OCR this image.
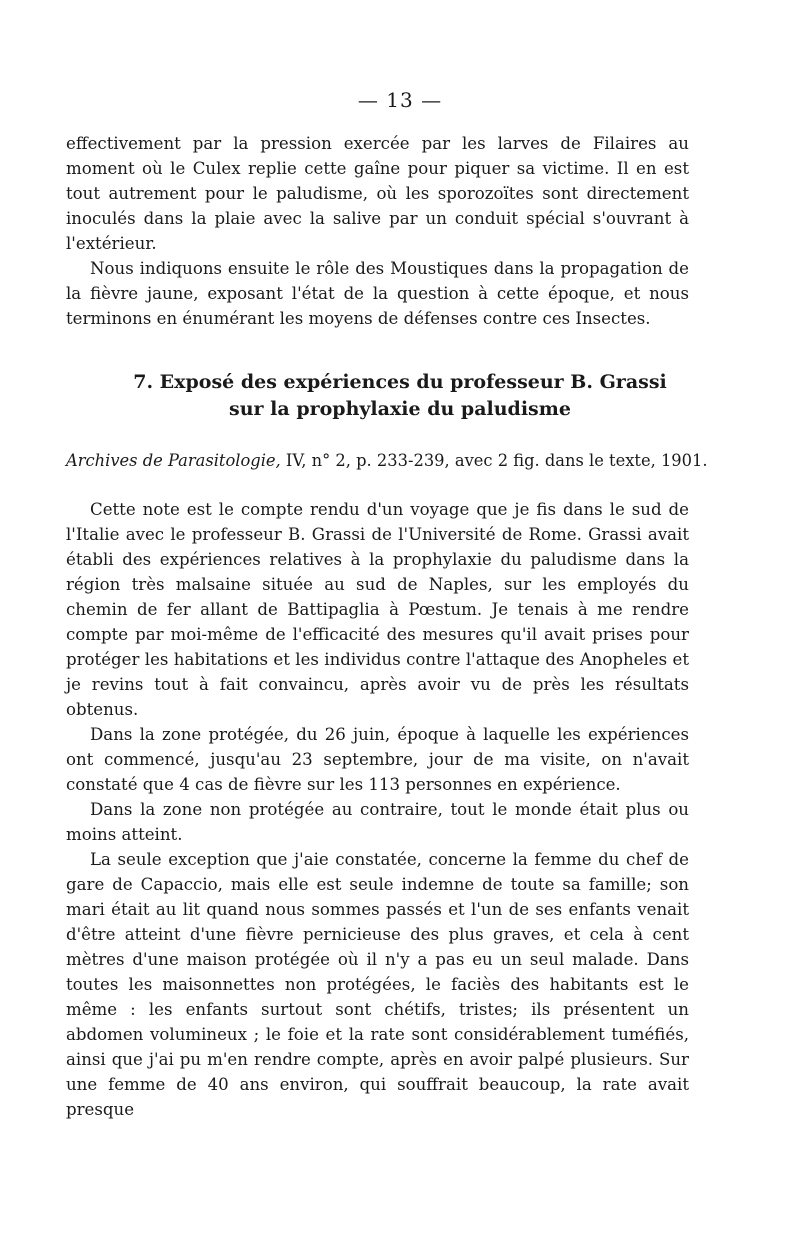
— 13 —

effectivement par la pression exercée par les larves de Filaires au moment où le Culex replie cette gaîne pour piquer sa victime. Il en est tout autrement pour le paludisme, où les sporozoïtes sont directement inoculés dans la plaie avec la salive par un conduit spécial s'ouvrant à l'extérieur.

Nous indiquons ensuite le rôle des Moustiques dans la propagation de la fièvre jaune, exposant l'état de la question à cette époque, et nous terminons en énumérant les moyens de défenses contre ces Insectes.

7. Exposé des expériences du professeur B. Grassi
sur la prophylaxie du paludisme
Archives de Parasitologie, IV, n° 2, p. 233-239, avec 2 fig. dans le texte, 1901.

Cette note est le compte rendu d'un voyage que je fis dans le sud de l'Italie avec le professeur B. Grassi de l'Université de Rome. Grassi avait établi des expériences relatives à la prophylaxie du paludisme dans la région très malsaine située au sud de Naples, sur les employés du chemin de fer allant de Battipaglia à Pœstum. Je tenais à me rendre compte par moi-même de l'efficacité des mesures qu'il avait prises pour protéger les habitations et les individus contre l'attaque des Anopheles et je revins tout à fait convaincu, après avoir vu de près les résultats obtenus.

Dans la zone protégée, du 26 juin, époque à laquelle les expériences ont commencé, jusqu'au 23 septembre, jour de ma visite, on n'avait constaté que 4 cas de fièvre sur les 113 personnes en expérience.

Dans la zone non protégée au contraire, tout le monde était plus ou moins atteint.

La seule exception que j'aie constatée, concerne la femme du chef de gare de Capaccio, mais elle est seule indemne de toute sa famille; son mari était au lit quand nous sommes passés et l'un de ses enfants venait d'être atteint d'une fièvre pernicieuse des plus graves, et cela à cent mètres d'une maison protégée où il n'y a pas eu un seul malade. Dans toutes les maisonnettes non protégées, le faciès des habitants est le même : les enfants surtout sont chétifs, tristes; ils présentent un abdomen volumineux ; le foie et la rate sont considérablement tuméfiés, ainsi que j'ai pu m'en rendre compte, après en avoir palpé plusieurs. Sur une femme de 40 ans environ, qui souffrait beaucoup, la rate avait presque
